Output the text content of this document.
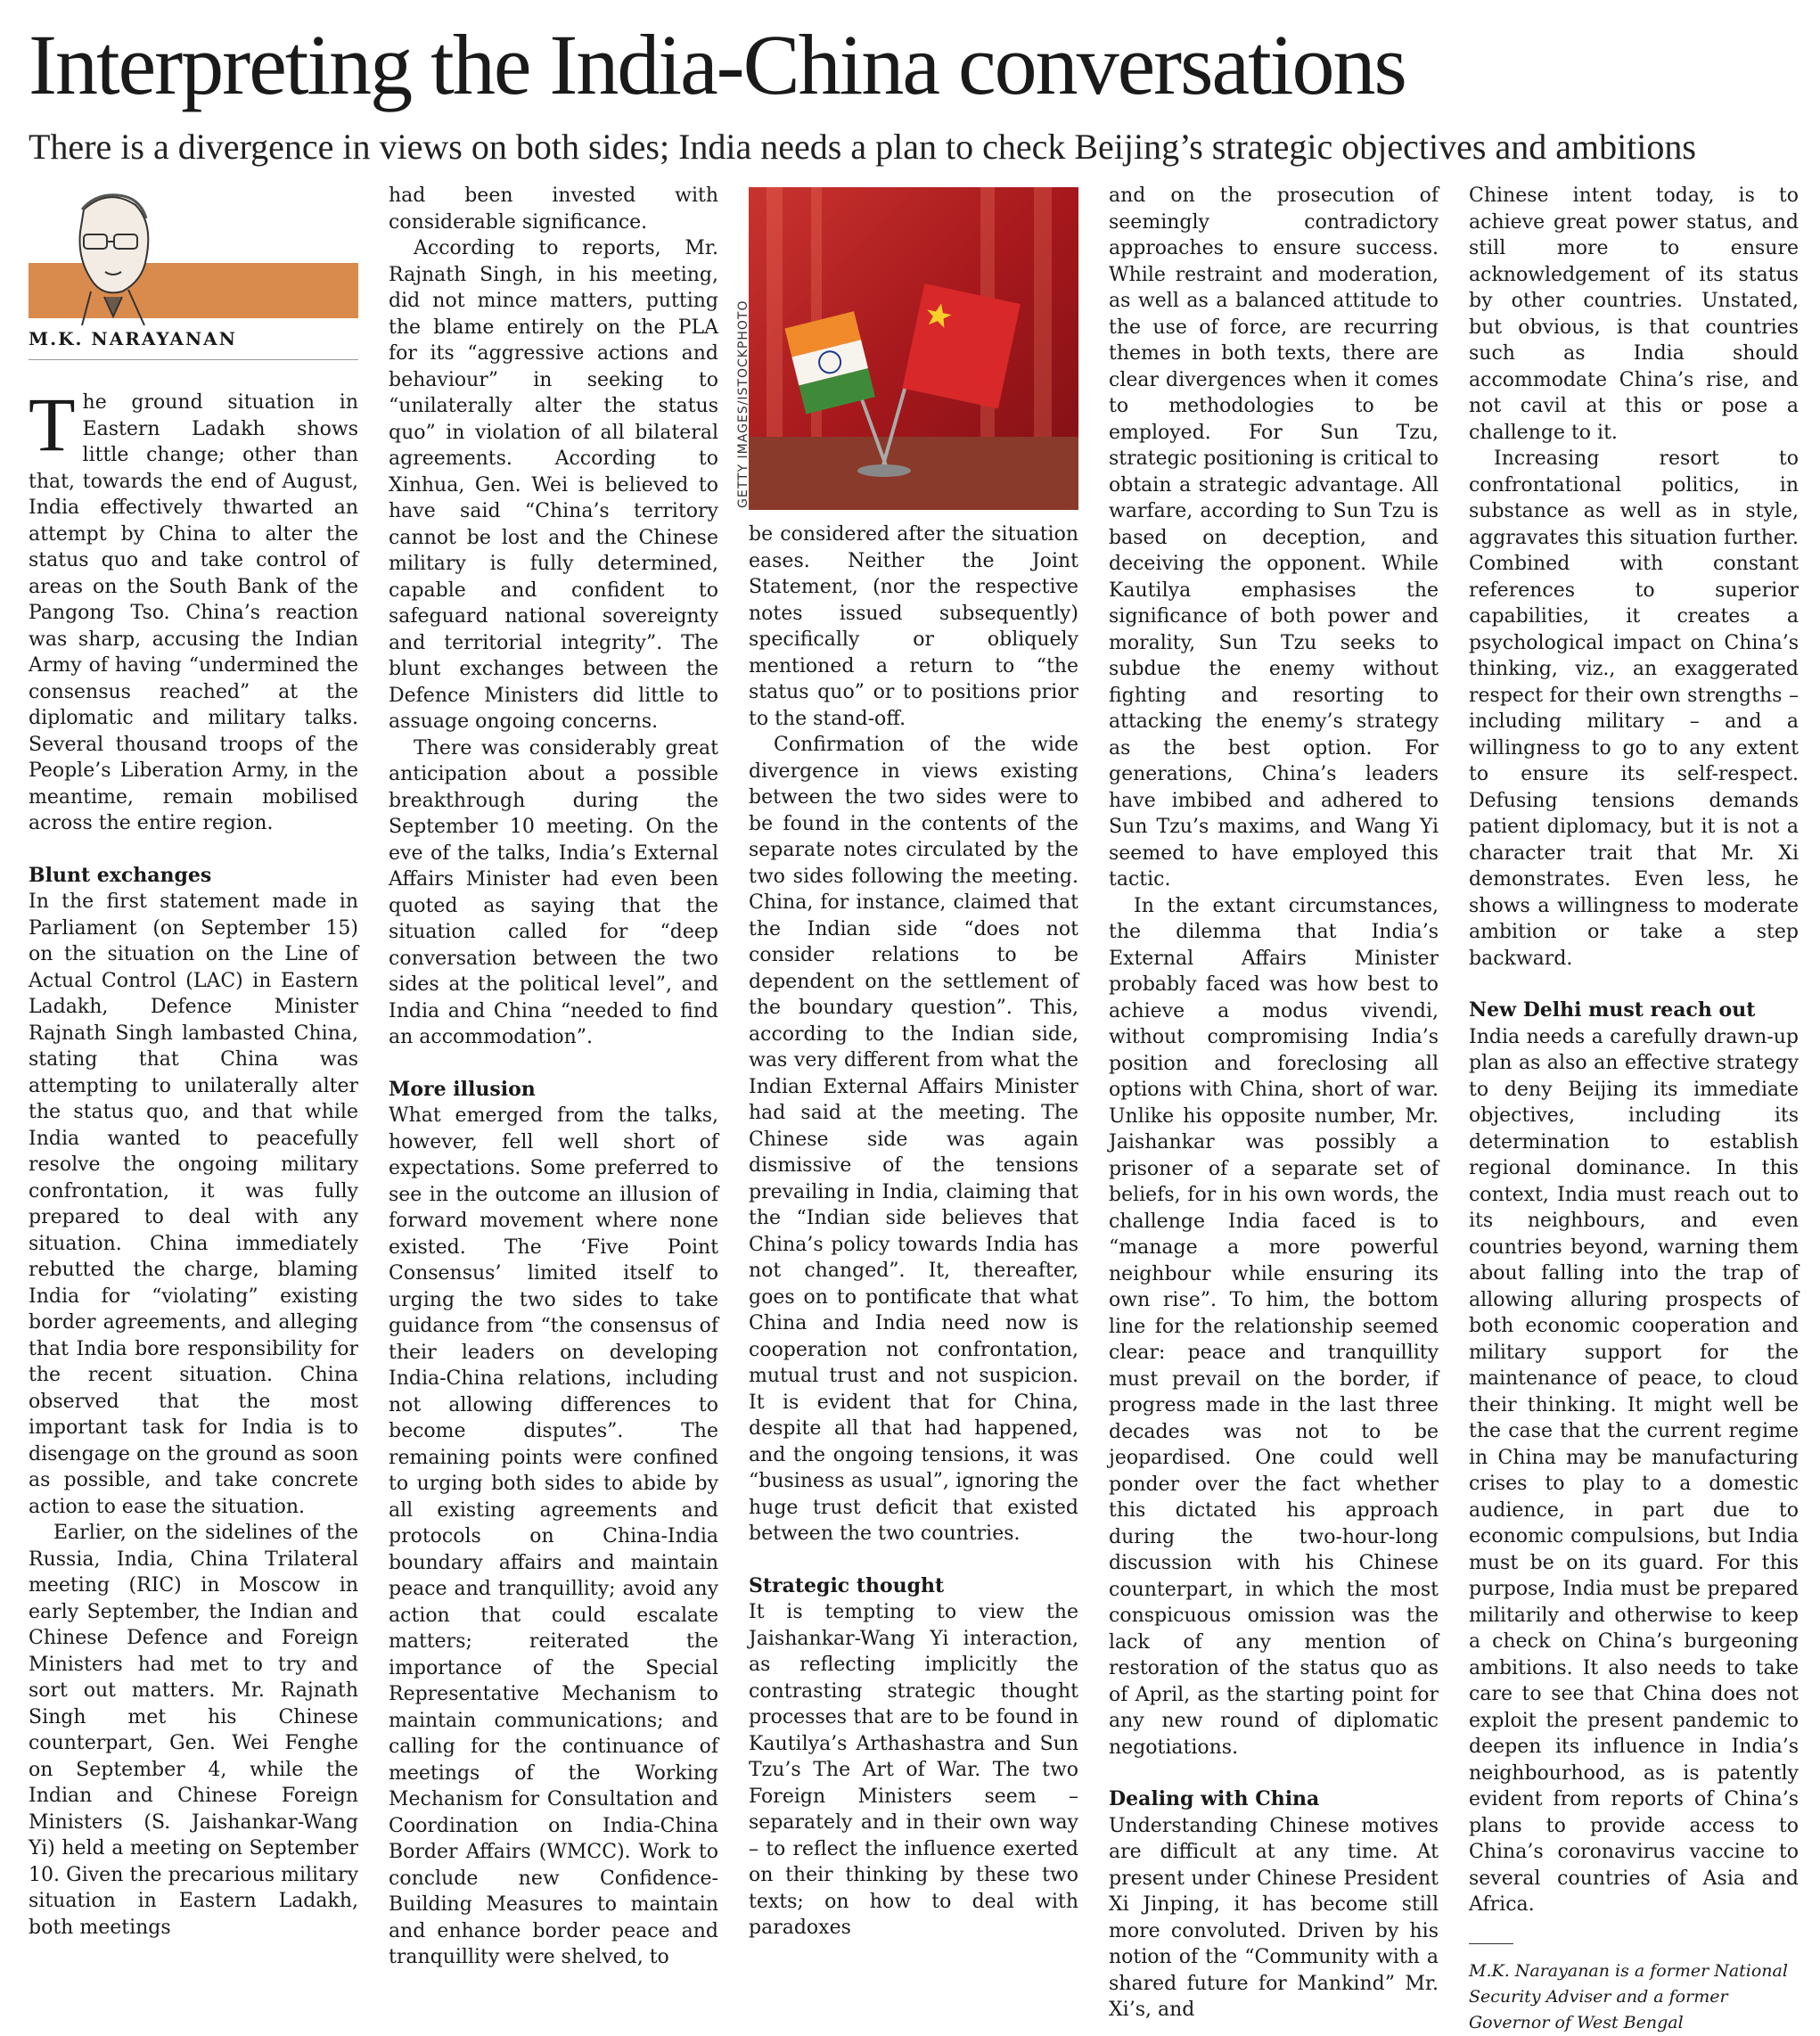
Interpreting the India-China conversations
There is a divergence in views on both sides; India needs a plan to check Beijing’s strategic objectives and ambitions
M.K. NARAYANAN	GETTY IMAGES/ISTOCKPHOTO

The ground situation in Eastern Ladakh shows little change; other than that, towards the end of August, India effectively thwarted an attempt by China to alter the status quo and take control of areas on the South Bank of the Pangong Tso. China’s reaction was sharp, accusing the Indian Army of having “undermined the consensus reached” at the diplomatic and military talks. Several thousand troops of the People’s Liberation Army, in the meantime, remain mobilised across the entire region.

Blunt exchanges

In the first statement made in Parliament (on September 15) on the situation on the Line of Actual Control (LAC) in Eastern Ladakh, Defence Minister Rajnath Singh lambasted China, stating that China was attempting to unilaterally alter the status quo, and that while India wanted to peacefully resolve the ongoing military confrontation, it was fully prepared to deal with any situation. China immediately rebutted the charge, blaming India for “violating” existing border agreements, and alleging that India bore responsibility for the recent situation. China observed that the most important task for India is to disengage on the ground as soon as possible, and take concrete action to ease the situation.

Earlier, on the sidelines of the Russia, India, China Trilateral meeting (RIC) in Moscow in early September, the Indian and Chinese Defence and Foreign Ministers had met to try and sort out matters. Mr. Rajnath Singh met his Chinese counterpart, Gen. Wei Fenghe on September 4, while the Indian and Chinese Foreign Ministers (S. Jaishankar-Wang Yi) held a meeting on September 10. Given the precarious military situation in Eastern Ladakh, both meetings

had been invested with considerable significance.

According to reports, Mr. Rajnath Singh, in his meeting, did not mince matters, putting the blame entirely on the PLA for its “aggressive actions and behaviour” in seeking to “unilaterally alter the status quo” in violation of all bilateral agreements. According to Xinhua, Gen. Wei is believed to have said “China’s territory cannot be lost and the Chinese military is fully determined, capable and confident to safeguard national sovereignty and territorial integrity”. The blunt exchanges between the Defence Ministers did little to assuage ongoing concerns.

There was considerably great anticipation about a possible breakthrough during the September 10 meeting. On the eve of the talks, India’s External Affairs Minister had even been quoted as saying that the situation called for “deep conversation between the two sides at the political level”, and India and China “needed to find an accommodation”.

More illusion

What emerged from the talks, however, fell well short of expectations. Some preferred to see in the outcome an illusion of forward movement where none existed. The ‘Five Point Consensus’ limited itself to urging the two sides to take guidance from “the consensus of their leaders on developing India-China relations, including not allowing differences to become disputes”. The remaining points were confined to urging both sides to abide by all existing agreements and protocols on China-India boundary affairs and maintain peace and tranquillity; avoid any action that could escalate matters; reiterated the importance of the Special Representative Mechanism to maintain communications; and calling for the continuance of meetings of the Working Mechanism for Consultation and Coordination on India-China Border Affairs (WMCC). Work to conclude new Confidence-Building Measures to maintain and enhance border peace and tranquillity were shelved, to

be considered after the situation eases. Neither the Joint Statement, (nor the respective notes issued subsequently) specifically or obliquely mentioned a return to “the status quo” or to positions prior to the stand-off.

Confirmation of the wide divergence in views existing between the two sides were to be found in the contents of the separate notes circulated by the two sides following the meeting. China, for instance, claimed that the Indian side “does not consider relations to be dependent on the settlement of the boundary question”. This, according to the Indian side, was very different from what the Indian External Affairs Minister had said at the meeting. The Chinese side was again dismissive of the tensions prevailing in India, claiming that the “Indian side believes that China’s policy towards India has not changed”. It, thereafter, goes on to pontificate that what China and India need now is cooperation not confrontation, mutual trust and not suspicion. It is evident that for China, despite all that had happened, and the ongoing tensions, it was “business as usual”, ignoring the huge trust deficit that existed between the two countries.

Strategic thought

It is tempting to view the Jaishankar-Wang Yi interaction, as reflecting implicitly the contrasting strategic thought processes that are to be found in Kautilya’s Arthashastra and Sun Tzu’s The Art of War. The two Foreign Ministers seem – separately and in their own way – to reflect the influence exerted on their thinking by these two texts; on how to deal with paradoxes

and on the prosecution of seemingly contradictory approaches to ensure success. While restraint and moderation, as well as a balanced attitude to the use of force, are recurring themes in both texts, there are clear divergences when it comes to methodologies to be employed. For Sun Tzu, strategic positioning is critical to obtain a strategic advantage. All warfare, according to Sun Tzu is based on deception, and deceiving the opponent. While Kautilya emphasises the significance of both power and morality, Sun Tzu seeks to subdue the enemy without fighting and resorting to attacking the enemy’s strategy as the best option. For generations, China’s leaders have imbibed and adhered to Sun Tzu’s maxims, and Wang Yi seemed to have employed this tactic.

In the extant circumstances, the dilemma that India’s External Affairs Minister probably faced was how best to achieve a modus vivendi, without compromising India’s position and foreclosing all options with China, short of war. Unlike his opposite number, Mr. Jaishankar was possibly a prisoner of a separate set of beliefs, for in his own words, the challenge India faced is to “manage a more powerful neighbour while ensuring its own rise”. To him, the bottom line for the relationship seemed clear: peace and tranquillity must prevail on the border, if progress made in the last three decades was not to be jeopardised. One could well ponder over the fact whether this dictated his approach during the two-hour-long discussion with his Chinese counterpart, in which the most conspicuous omission was the lack of any mention of restoration of the status quo as of April, as the starting point for any new round of diplomatic negotiations.

Dealing with China

Understanding Chinese motives are difficult at any time. At present under Chinese President Xi Jinping, it has become still more convoluted. Driven by his notion of the “Community with a shared future for Mankind” Mr. Xi’s, and

Chinese intent today, is to achieve great power status, and still more to ensure acknowledgement of its status by other countries. Unstated, but obvious, is that countries such as India should accommodate China’s rise, and not cavil at this or pose a challenge to it.

Increasing resort to confrontational politics, in substance as well as in style, aggravates this situation further. Combined with constant references to superior capabilities, it creates a psychological impact on China’s thinking, viz., an exaggerated respect for their own strengths – including military – and a willingness to go to any extent to ensure its self-respect. Defusing tensions demands patient diplomacy, but it is not a character trait that Mr. Xi demonstrates. Even less, he shows a willingness to moderate ambition or take a step backward.

New Delhi must reach out

India needs a carefully drawn-up plan as also an effective strategy to deny Beijing its immediate objectives, including its determination to establish regional dominance. In this context, India must reach out to its neighbours, and even countries beyond, warning them about falling into the trap of allowing alluring prospects of both economic cooperation and military support for the maintenance of peace, to cloud their thinking. It might well be the case that the current regime in China may be manufacturing crises to play to a domestic audience, in part due to economic compulsions, but India must be on its guard. For this purpose, India must be prepared militarily and otherwise to keep a check on China’s burgeoning ambitions. It also needs to take care to see that China does not exploit the present pandemic to deepen its influence in India’s neighbourhood, as is patently evident from reports of China’s plans to provide access to China’s coronavirus vaccine to several countries of Asia and Africa.

M.K. Narayanan is a former National Security Adviser and a former Governor of West Bengal
